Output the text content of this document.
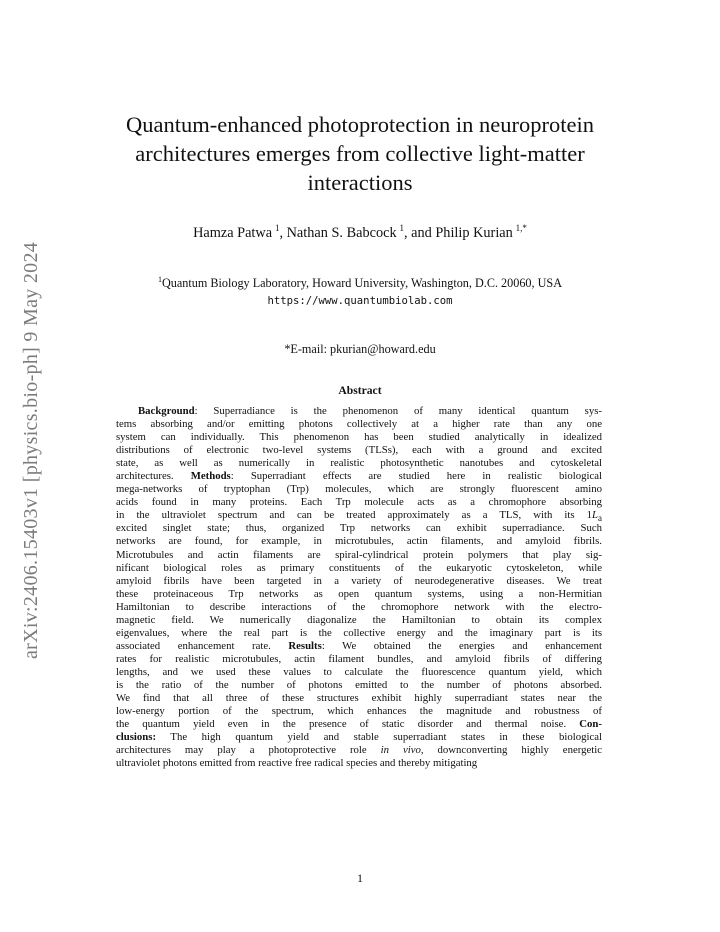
arXiv:2406.15403v1 [physics.bio-ph] 9 May 2024
Quantum-enhanced photoprotection in neuroprotein
architectures emerges from collective light-matter
interactions
Hamza Patwa  $^1$, Nathan S. Babcock  $^1$, and Philip Kurian  $^{1,*}$
$^1$Quantum Biology Laboratory, Howard University, Washington, D.C. 20060, USA
https://www.quantumbiolab.com
*E-mail: pkurian@howard.edu
Abstract
Background: Superradiance is the phenomenon of many identical quantum sys-
tems absorbing and/or emitting photons collectively at a higher rate than any one
system can individually. This phenomenon has been studied analytically in idealized
distributions of electronic two-level systems (TLSs), each with a ground and excited
state, as well as numerically in realistic photosynthetic nanotubes and cytoskeletal
architectures. Methods: Superradiant effects are studied here in realistic biological
mega-networks of tryptophan (Trp) molecules, which are strongly fluorescent amino
acids found in many proteins. Each Trp molecule acts as a chromophore absorbing
in the ultraviolet spectrum and can be treated approximately as a TLS, with its $1L_a$
excited singlet state; thus, organized Trp networks can exhibit superradiance. Such
networks are found, for example, in microtubules, actin filaments, and amyloid fibrils.
Microtubules and actin filaments are spiral-cylindrical protein polymers that play sig-
nificant biological roles as primary constituents of the eukaryotic cytoskeleton, while
amyloid fibrils have been targeted in a variety of neurodegenerative diseases. We treat
these proteinaceous Trp networks as open quantum systems, using a non-Hermitian
Hamiltonian to describe interactions of the chromophore network with the electro-
magnetic field. We numerically diagonalize the Hamiltonian to obtain its complex
eigenvalues, where the real part is the collective energy and the imaginary part is its
associated enhancement rate. Results: We obtained the energies and enhancement
rates for realistic microtubules, actin filament bundles, and amyloid fibrils of differing
lengths, and we used these values to calculate the fluorescence quantum yield, which
is the ratio of the number of photons emitted to the number of photons absorbed.
We find that all three of these structures exhibit highly superradiant states near the
low-energy portion of the spectrum, which enhances the magnitude and robustness of
the quantum yield even in the presence of static disorder and thermal noise. Con-
clusions: The high quantum yield and stable superradiant states in these biological
architectures may play a photoprotective role in vivo, downconverting highly energetic
ultraviolet photons emitted from reactive free radical species and thereby mitigating
1
